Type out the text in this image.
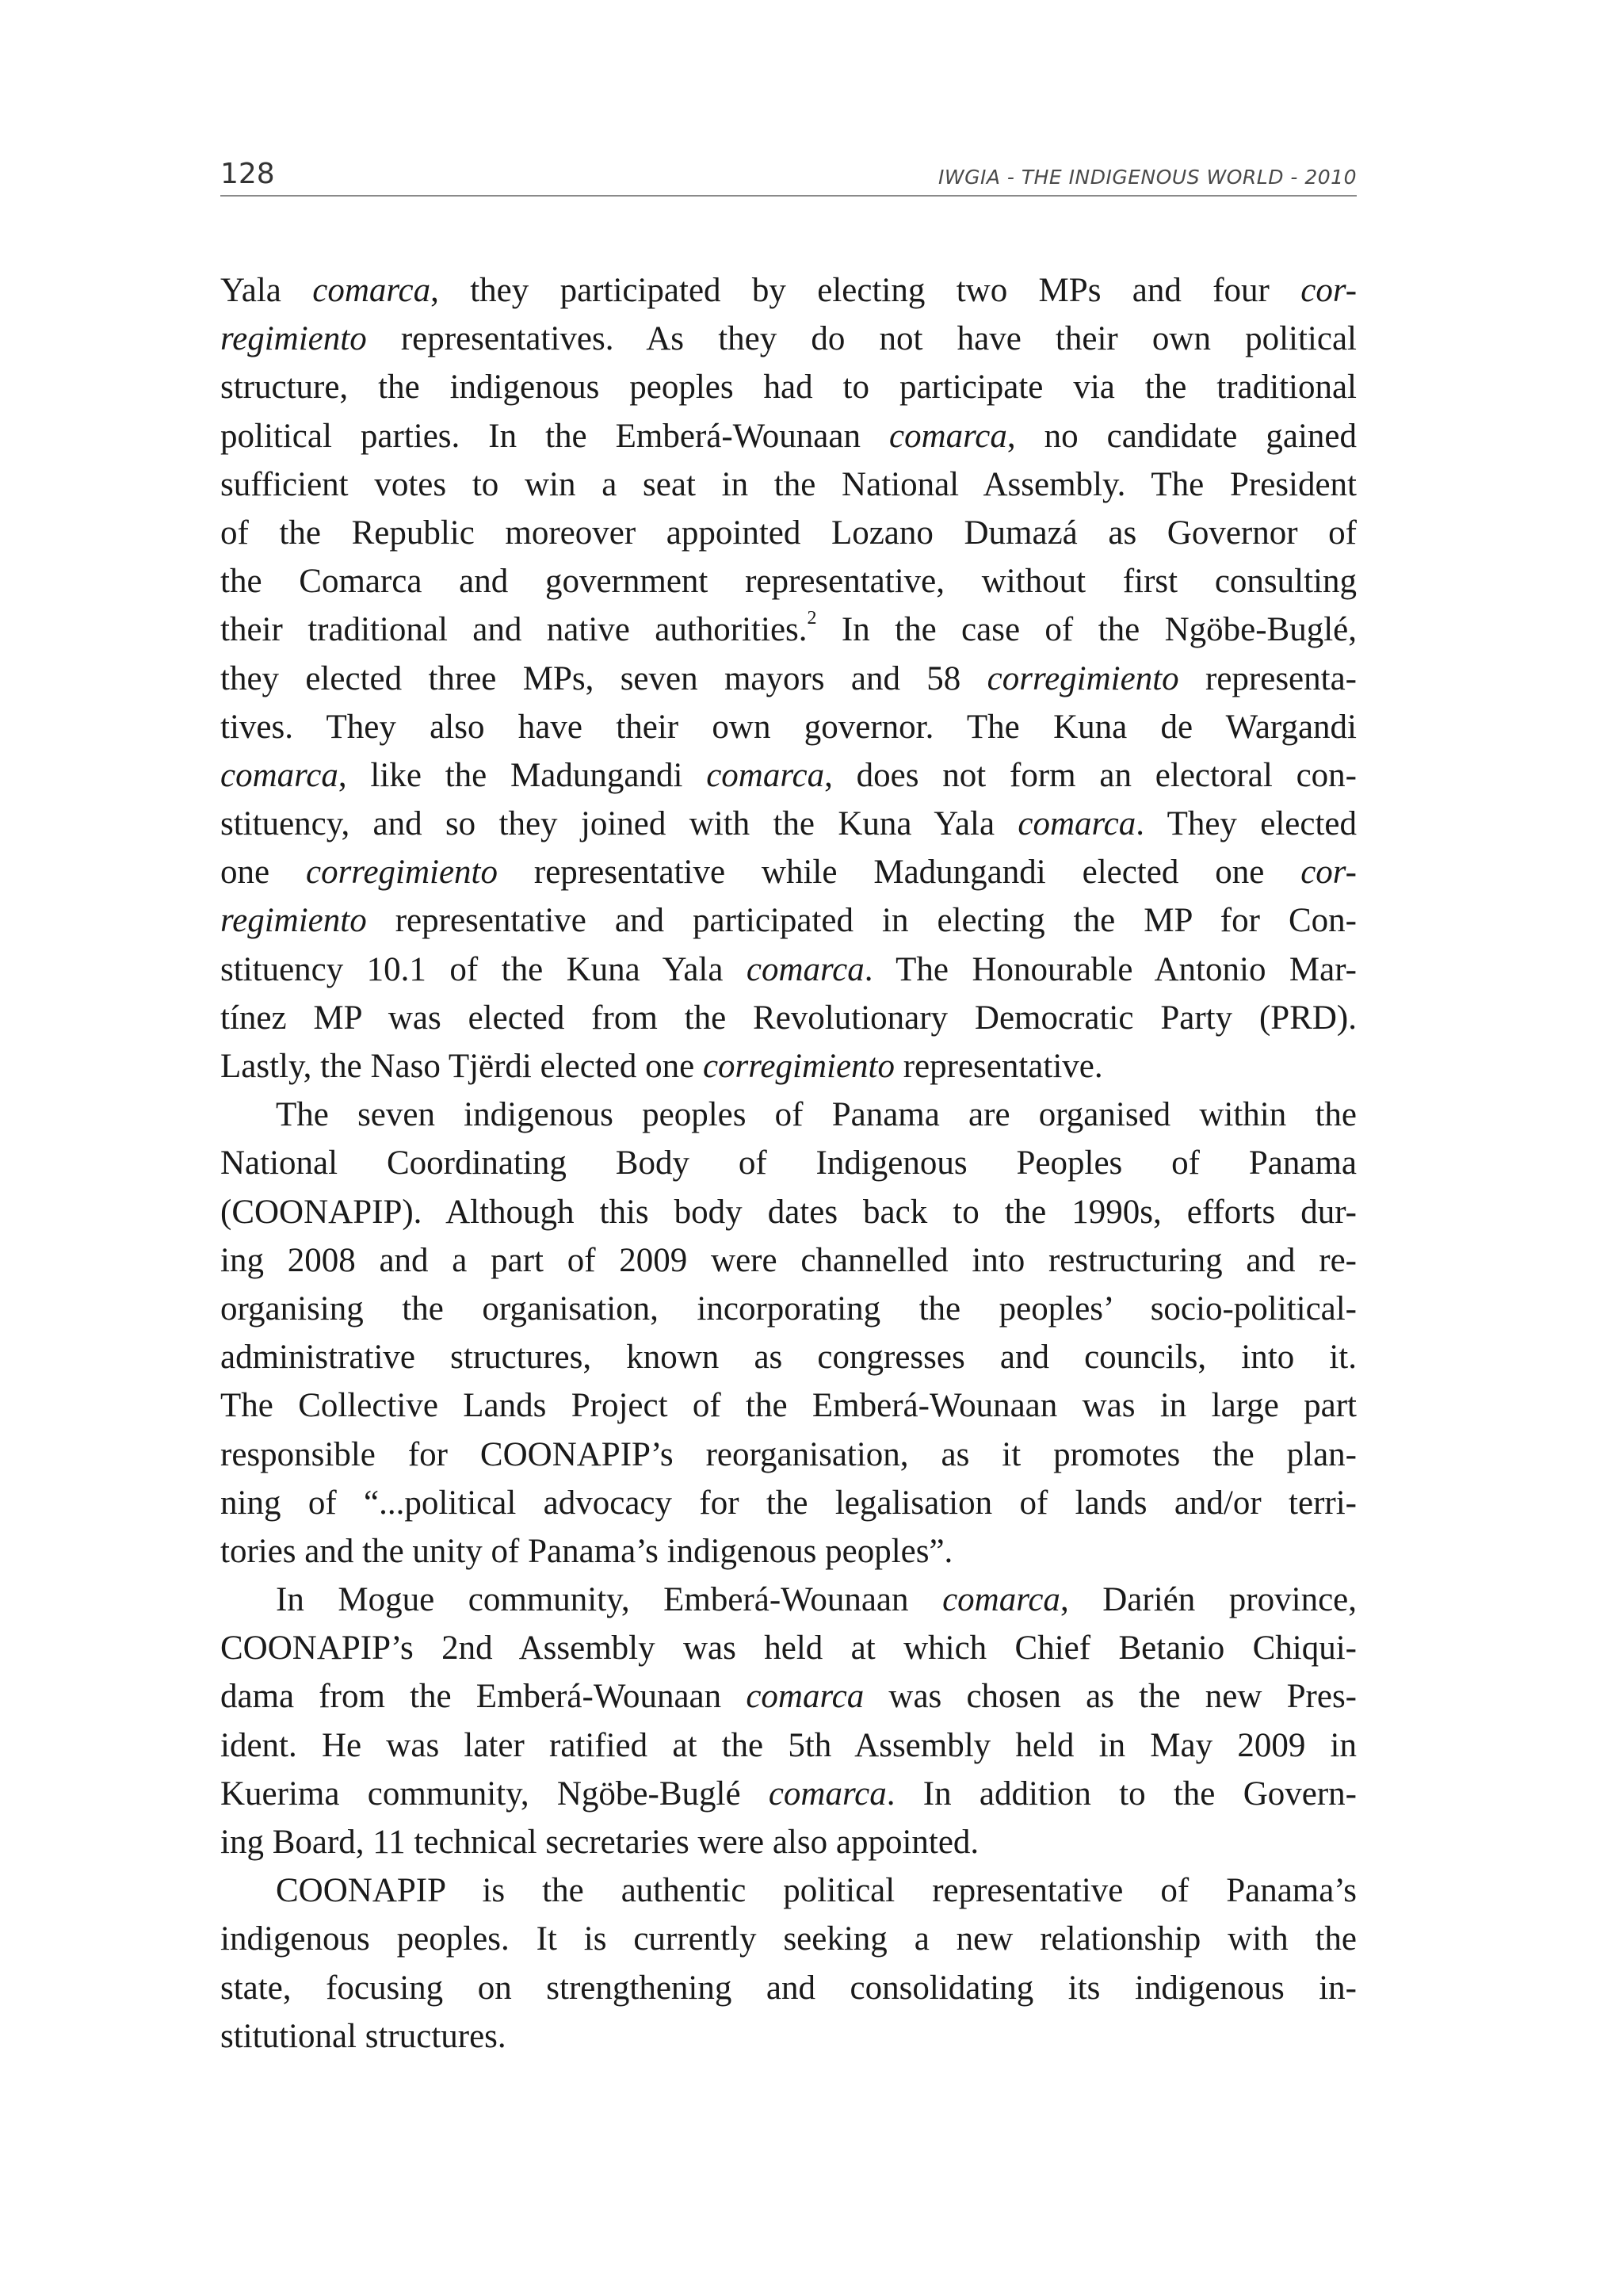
128	IWGIA - THE INDIGENOUS WORLD - 2010
Yala comarca, they participated by electing two MPs and four cor-
regimiento representatives. As they do not have their own political
structure, the indigenous peoples had to participate via the traditional
political parties. In the Emberá-Wounaan comarca, no candidate gained
sufficient votes to win a seat in the National Assembly. The President
of the Republic moreover appointed Lozano Dumazá as Governor of
the Comarca and government representative, without first consulting
their traditional and native authorities.$^2$ In the case of the Ngöbe-Buglé,
they elected three MPs, seven mayors and 58 corregimiento representa-
tives. They also have their own governor. The Kuna de Wargandi
comarca, like the Madungandi comarca, does not form an electoral con-
stituency, and so they joined with the Kuna Yala comarca. They elected
one corregimiento representative while Madungandi elected one cor-
regimiento representative and participated in electing the MP for Con-
stituency 10.1 of the Kuna Yala comarca. The Honourable Antonio Mar-
tínez MP was elected from the Revolutionary Democratic Party (PRD).
Lastly, the Naso Tjërdi elected one corregimiento representative.
The seven indigenous peoples of Panama are organised within the
National Coordinating Body of Indigenous Peoples of Panama
(COONAPIP). Although this body dates back to the 1990s, efforts dur-
ing 2008 and a part of 2009 were channelled into restructuring and re-
organising the organisation, incorporating the peoples’ socio-political-
administrative structures, known as congresses and councils, into it.
The Collective Lands Project of the Emberá-Wounaan was in large part
responsible for COONAPIP’s reorganisation, as it promotes the plan-
ning of “...political advocacy for the legalisation of lands and/or terri-
tories and the unity of Panama’s indigenous peoples”.
In Mogue community, Emberá-Wounaan comarca, Darién province,
COONAPIP’s 2nd Assembly was held at which Chief Betanio Chiqui-
dama from the Emberá-Wounaan comarca was chosen as the new Pres-
ident. He was later ratified at the 5th Assembly held in May 2009 in
Kuerima community, Ngöbe-Buglé comarca. In addition to the Govern-
ing Board, 11 technical secretaries were also appointed.
COONAPIP is the authentic political representative of Panama’s
indigenous peoples. It is currently seeking a new relationship with the
state, focusing on strengthening and consolidating its indigenous in-
stitutional structures.
